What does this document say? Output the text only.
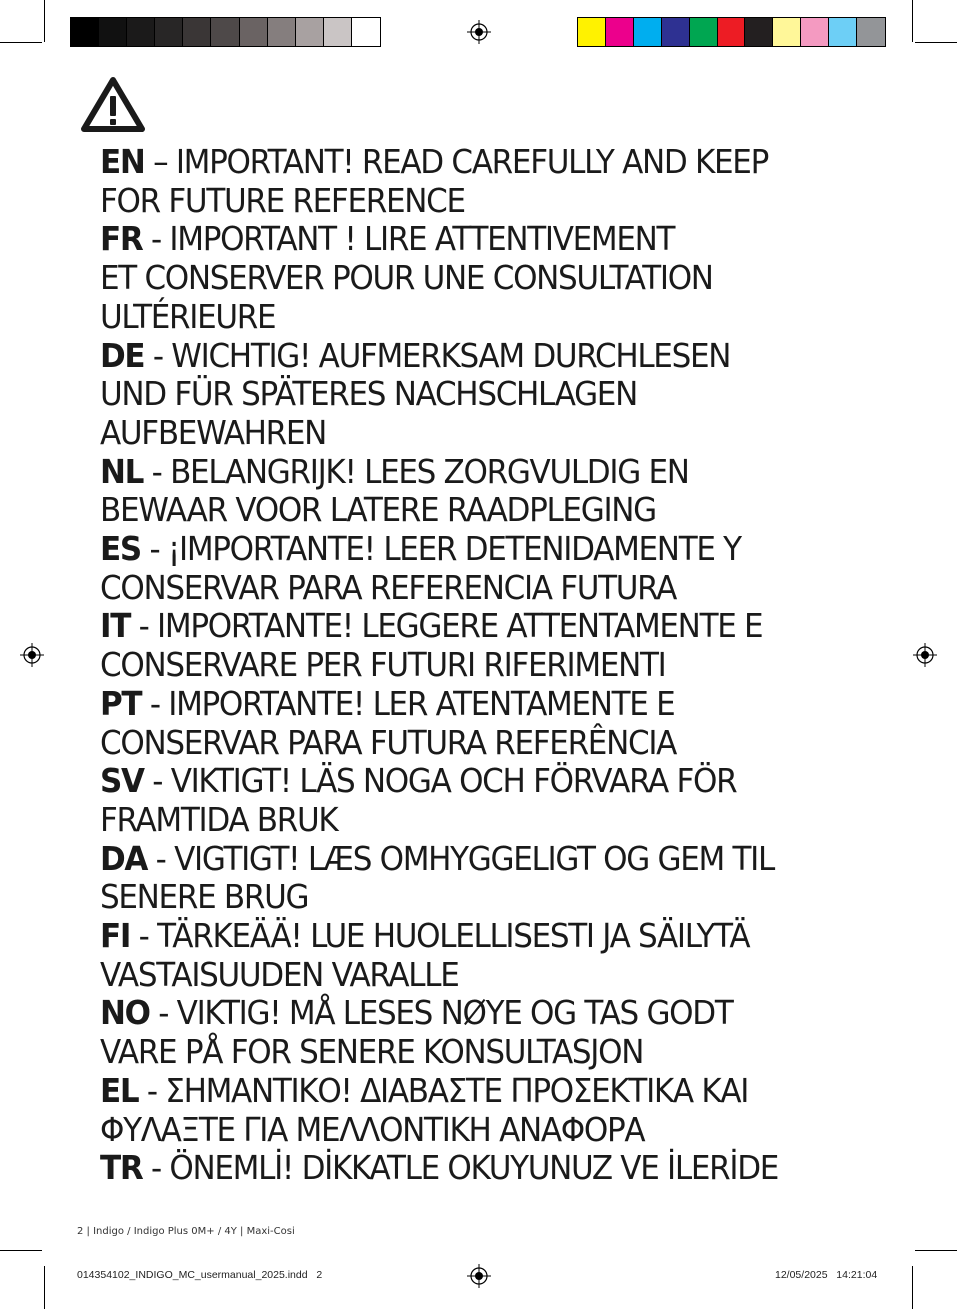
EN – IMPORTANT! READ CAREFULLY AND KEEP
FOR FUTURE REFERENCE

FR - IMPORTANT ! LIRE ATTENTIVEMENT
ET CONSERVER POUR UNE CONSULTATION
ULTÉRIEURE

DE - WICHTIG! AUFMERKSAM DURCHLESEN
UND FÜR SPÄTERES NACHSCHLAGEN
AUFBEWAHREN

NL - BELANGRIJK! LEES ZORGVULDIG EN
BEWAAR VOOR LATERE RAADPLEGING

ES - ¡IMPORTANTE! LEER DETENIDAMENTE Y
CONSERVAR PARA REFERENCIA FUTURA

IT - IMPORTANTE! LEGGERE ATTENTAMENTE E
CONSERVARE PER FUTURI RIFERIMENTI

PT - IMPORTANTE! LER ATENTAMENTE E
CONSERVAR PARA FUTURA REFERÊNCIA

SV - VIKTIGT! LÄS NOGA OCH FÖRVARA FÖR
FRAMTIDA BRUK

DA - VIGTIGT! LÆS OMHYGGELIGT OG GEM TIL
SENERE BRUG

FI - TÄRKEÄÄ! LUE HUOLELLISESTI JA SÄILYTÄ
VASTAISUUDEN VARALLE

NO - VIKTIG! MÅ LESES NØYE OG TAS GODT
VARE PÅ FOR SENERE KONSULTASJON

EL - ΣΗΜΑΝΤΙΚΟ! ΔΙΑΒΑΣΤΕ ΠΡΟΣΕΚΤΙΚΑ ΚΑΙ
ΦΥΛΑΞΤΕ ΓΙΑ ΜΕΛΛΟΝΤΙΚΗ ΑΝΑΦΟΡΑ

TR - ÖNEMLİ! DİKKATLE OKUYUNUZ VE İLERİDE

2 | Indigo / Indigo Plus 0M+ / 4Y | Maxi-Cosi
014354102_INDIGO_MC_usermanual_2025.indd   2	12/05/2025   14:21:04
